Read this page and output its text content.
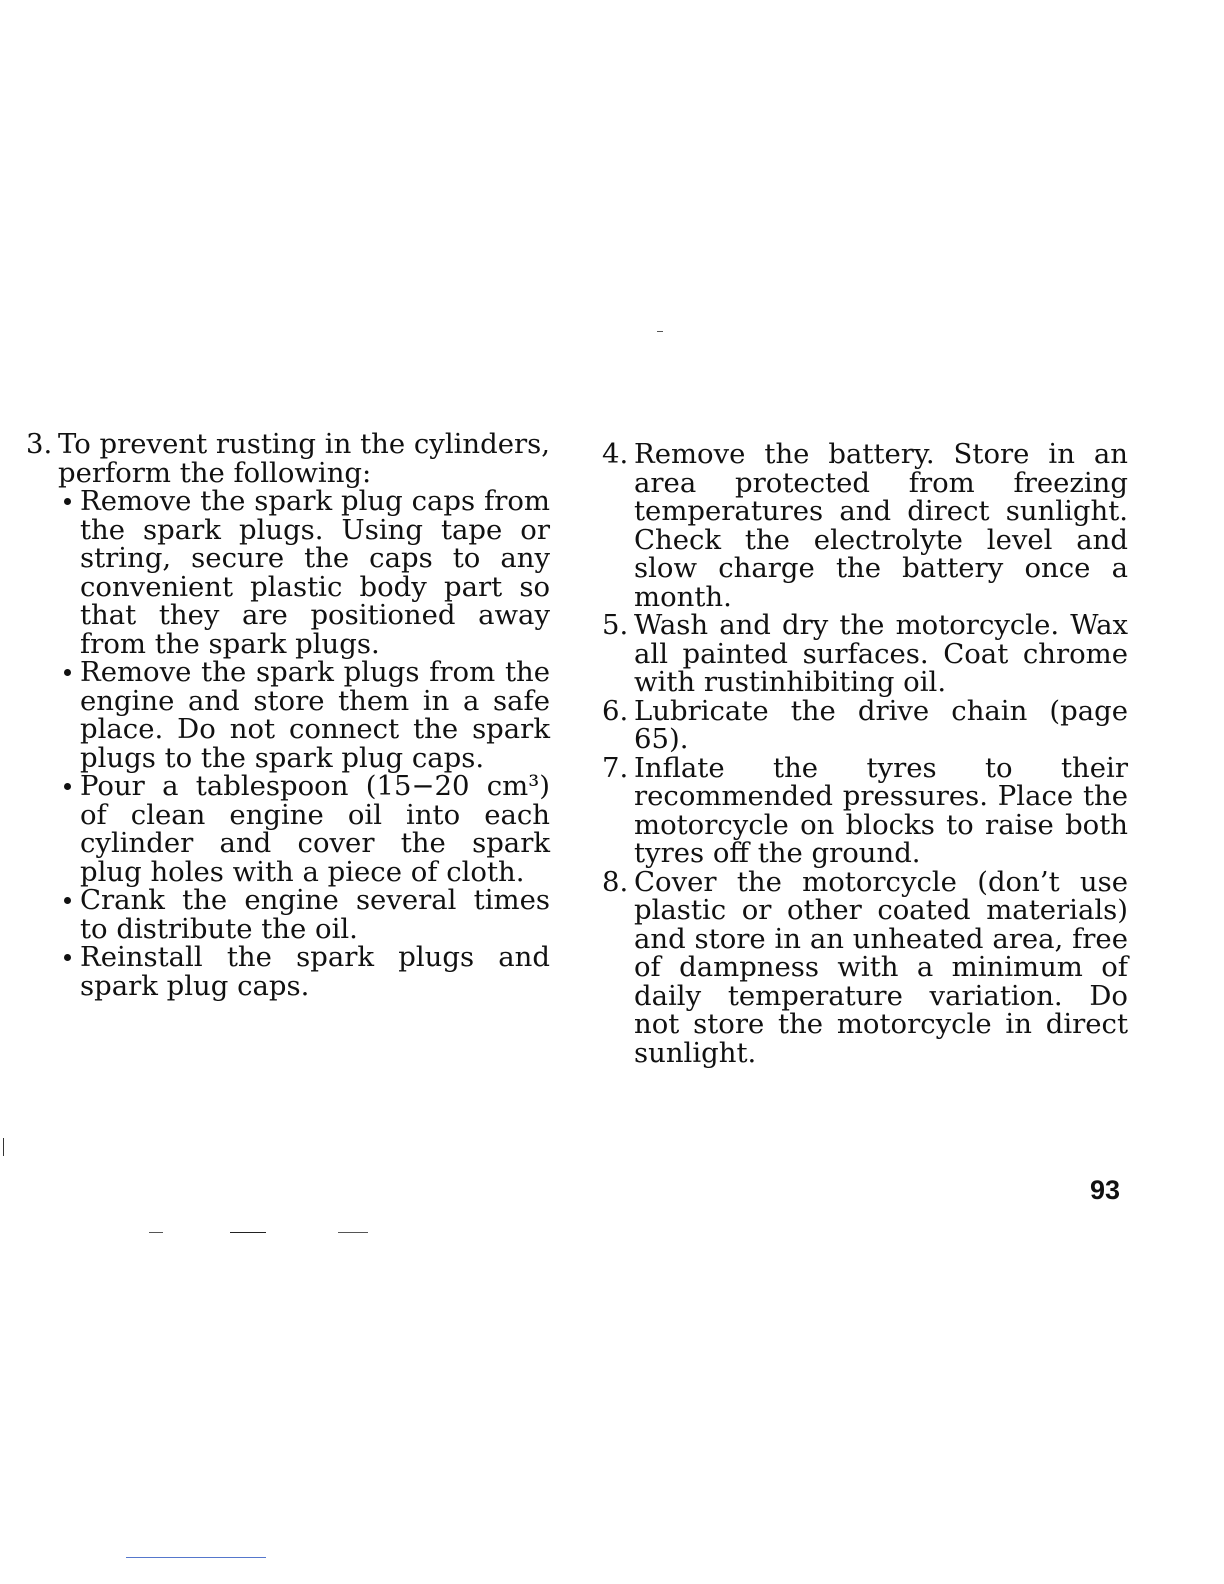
3. To prevent rusting in the cylinders, perform the following:

Remove the spark plug caps from the spark plugs. Using tape or string, secure the caps to any convenient plastic body part so that they are positioned away from the spark plugs.
Remove the spark plugs from the engine and store them in a safe place. Do not connect the spark plugs to the spark plug caps.
Pour a tablespoon (15−20 cm³) of clean engine oil into each cylinder and cover the spark plug holes with a piece of cloth.
Crank the engine several times to distribute the oil.
Reinstall the spark plugs and spark plug caps.
4. Remove the battery. Store in an area protected from freezing temperatures and direct sunlight. Check the electrolyte level and slow charge the battery once a month.

5. Wash and dry the motorcycle. Wax all painted surfaces. Coat chrome with rustinhibiting oil.

6. Lubricate the drive chain (page 65).

7. Inflate the tyres to their recommended pressures. Place the motorcycle on blocks to raise both tyres off the ground.

8. Cover the motorcycle (don’t use plastic or other coated materials) and store in an unheated area, free of dampness with a minimum of daily temperature variation. Do not store the motorcycle in direct sunlight.

93
